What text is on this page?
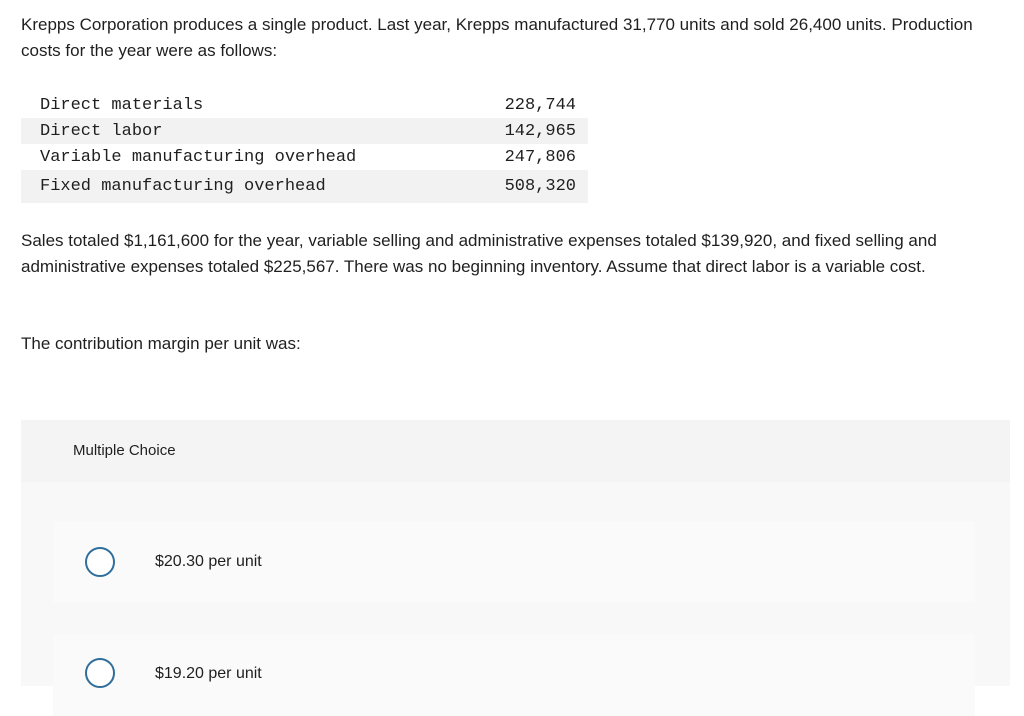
Krepps Corporation produces a single product. Last year, Krepps manufactured 31,770 units and sold 26,400 units. Production costs for the year were as follows:

Direct materials	228,744
Direct labor	142,965
Variable manufacturing overhead	247,806
Fixed manufacturing overhead	508,320

Sales totaled $1,161,600 for the year, variable selling and administrative expenses totaled $139,920, and fixed selling and administrative expenses totaled $225,567. There was no beginning inventory. Assume that direct labor is a variable cost.

The contribution margin per unit was:

Multiple Choice
$20.30 per unit
$19.20 per unit
